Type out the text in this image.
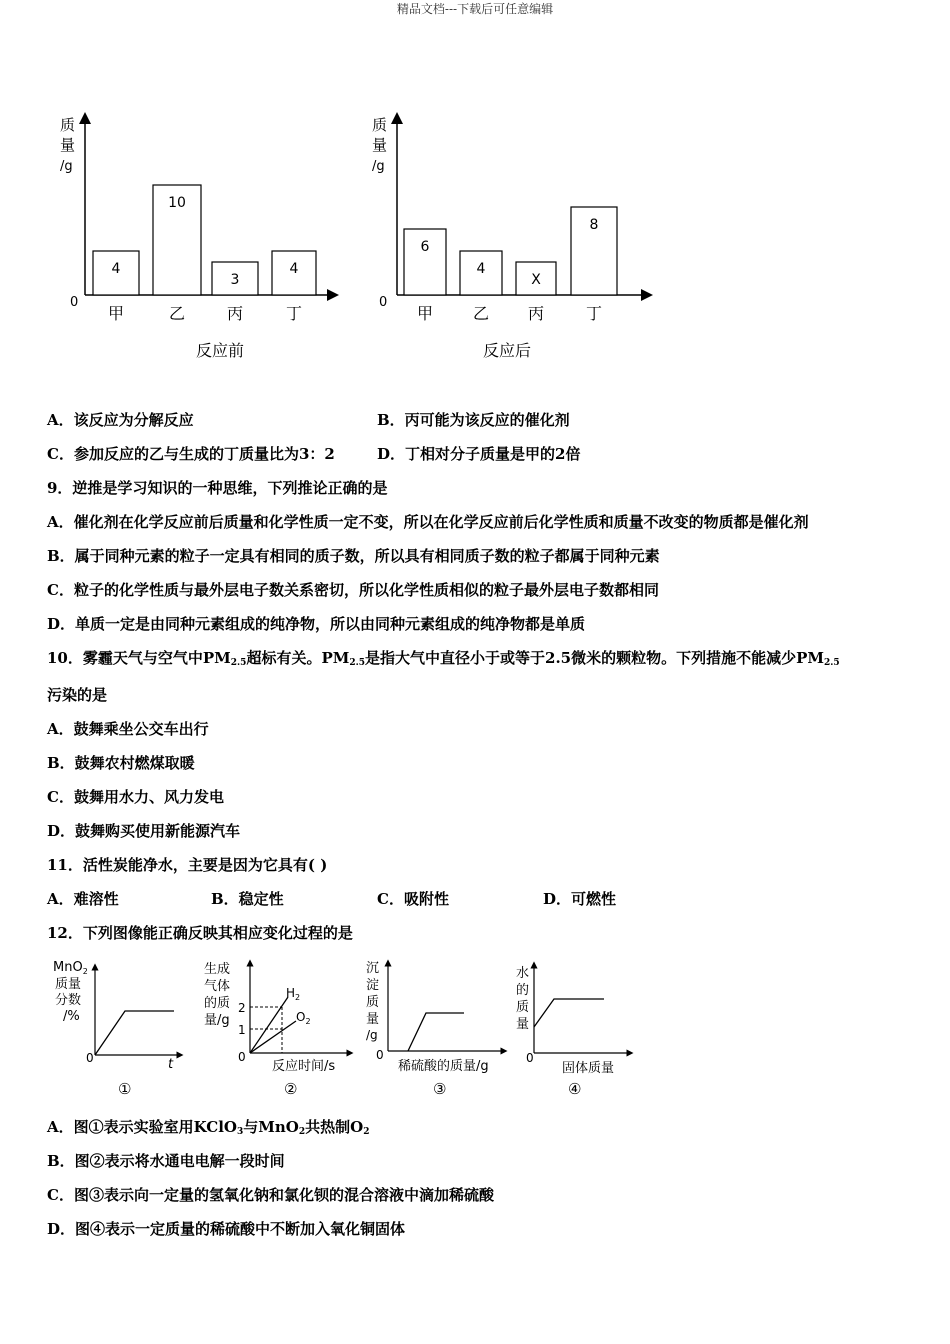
精品文档---下载后可任意编辑
质
量
/g
0
4
甲
10
乙
3
丙
4
丁
反应前
质
量
/g
0
6
甲
4
乙
X
丙
8
丁
反应后
A．该反应为分解反应	B．丙可能为该反应的催化剂
C．参加反应的乙与生成的丁质量比为3：2	D．丁相对分子质量是甲的2倍
9．逆推是学习知识的一种思维，下列推论正确的是
A．催化剂在化学反应前后质量和化学性质一定不变，所以在化学反应前后化学性质和质量不改变的物质都是催化剂
B．属于同种元素的粒子一定具有相同的质子数，所以具有相同质子数的粒子都属于同种元素
C．粒子的化学性质与最外层电子数关系密切，所以化学性质相似的粒子最外层电子数都相同
D．单质一定是由同种元素组成的纯净物，所以由同种元素组成的纯净物都是单质
10．雾霾天气与空气中$PM_{2.5}$超标有关。$PM_{2.5}$是指大气中直径小于或等于2.5微米的颗粒物。下列措施不能减少$PM_{2.5}$
污染的是
A．鼓舞乘坐公交车出行
B．鼓舞农村燃煤取暖
C．鼓舞用水力、风力发电
D．鼓舞购买使用新能源汽车
11．活性炭能净水，主要是因为它具有( )
A．难溶性	B．稳定性	C．吸附性	D．可燃性
12．下列图像能正确反映其相应变化过程的是
MnO$_2$
质量
分数
/%
0	t
①
生成
气体
的质
量/g
2
1
0
$H_2$
$O_2$
反应时间/s
②
沉
淀
质
量
/g
0
稀硫酸的质量/g
③
水
的
质
量
0
固体质量
④
A．图①表示实验室用KClO$_3$与MnO$_2$共热制$O_2$
B．图②表示将水通电电解一段时间
C．图③表示向一定量的氢氧化钠和氯化钡的混合溶液中滴加稀硫酸
D．图④表示一定质量的稀硫酸中不断加入氧化铜固体
